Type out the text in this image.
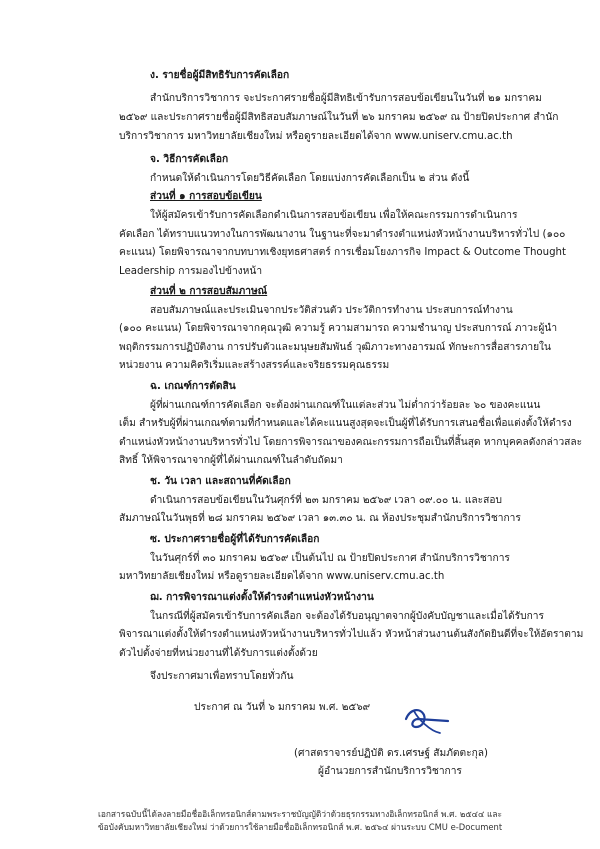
ง. รายชื่อผู้มีสิทธิรับการคัดเลือก
สำนักบริการวิชาการ จะประกาศรายชื่อผู้มีสิทธิเข้ารับการสอบข้อเขียนในวันที่ ๒๑ มกราคม
๒๕๖๙ และประกาศรายชื่อผู้มีสิทธิสอบสัมภาษณ์ในวันที่ ๒๖ มกราคม ๒๕๖๙ ณ ป้ายปิดประกาศ สำนัก
บริการวิชาการ มหาวิทยาลัยเชียงใหม่ หรือดูรายละเอียดได้จาก www.uniserv.cmu.ac.th
จ. วิธีการคัดเลือก
กำหนดให้ดำเนินการโดยวิธีคัดเลือก โดยแบ่งการคัดเลือกเป็น ๒ ส่วน ดังนี้
ส่วนที่ ๑ การสอบข้อเขียน
ให้ผู้สมัครเข้ารับการคัดเลือกดำเนินการสอบข้อเขียน เพื่อให้คณะกรรมการดำเนินการ
คัดเลือก ได้ทราบแนวทางในการพัฒนางาน ในฐานะที่จะมาดำรงตำแหน่งหัวหน้างานบริหารทั่วไป (๑๐๐
คะแนน) โดยพิจารณาจากบทบาทเชิงยุทธศาสตร์ การเชื่อมโยงภารกิจ Impact & Outcome Thought
Leadership การมองไปข้างหน้า
ส่วนที่ ๒ การสอบสัมภาษณ์
สอบสัมภาษณ์และประเมินจากประวัติส่วนตัว ประวัติการทำงาน ประสบการณ์ทำงาน
(๑๐๐ คะแนน) โดยพิจารณาจากคุณวุฒิ ความรู้ ความสามารถ ความชำนาญ ประสบการณ์ ภาวะผู้นำ
พฤติกรรมการปฏิบัติงาน การปรับตัวและมนุษยสัมพันธ์ วุฒิภาวะทางอารมณ์ ทักษะการสื่อสารภายใน
หน่วยงาน ความคิดริเริ่มและสร้างสรรค์และจริยธรรมคุณธรรม
ฉ. เกณฑ์การตัดสิน
ผู้ที่ผ่านเกณฑ์การคัดเลือก จะต้องผ่านเกณฑ์ในแต่ละส่วน ไม่ต่ำกว่าร้อยละ ๖๐ ของคะแนน
เต็ม สำหรับผู้ที่ผ่านเกณฑ์ตามที่กำหนดและได้คะแนนสูงสุดจะเป็นผู้ที่ได้รับการเสนอชื่อเพื่อแต่งตั้งให้ดำรง
ตำแหน่งหัวหน้างานบริหารทั่วไป โดยการพิจารณาของคณะกรรมการถือเป็นที่สิ้นสุด หากบุคคลดังกล่าวสละ
สิทธิ์ ให้พิจารณาจากผู้ที่ได้ผ่านเกณฑ์ในลำดับถัดมา
ช. วัน เวลา และสถานที่คัดเลือก
ดำเนินการสอบข้อเขียนในวันศุกร์ที่ ๒๓ มกราคม ๒๕๖๙ เวลา ๐๙.๐๐ น. และสอบ
สัมภาษณ์ในวันพุธที่ ๒๘ มกราคม ๒๕๖๙ เวลา ๑๓.๓๐ น. ณ ห้องประชุมสำนักบริการวิชาการ
ซ. ประกาศรายชื่อผู้ที่ได้รับการคัดเลือก
ในวันศุกร์ที่ ๓๐ มกราคม ๒๕๖๙ เป็นต้นไป ณ ป้ายปิดประกาศ สำนักบริการวิชาการ
มหาวิทยาลัยเชียงใหม่ หรือดูรายละเอียดได้จาก www.uniserv.cmu.ac.th
ฌ. การพิจารณาแต่งตั้งให้ดำรงตำแหน่งหัวหน้างาน
ในกรณีที่ผู้สมัครเข้ารับการคัดเลือก จะต้องได้รับอนุญาตจากผู้บังคับบัญชาและเมื่อได้รับการ
พิจารณาแต่งตั้งให้ดำรงตำแหน่งหัวหน้างานบริหารทั่วไปแล้ว หัวหน้าส่วนงานต้นสังกัดยินดีที่จะให้อัตราตาม
ตัวไปตั้งจ่ายที่หน่วยงานที่ได้รับการแต่งตั้งด้วย
จึงประกาศมาเพื่อทราบโดยทั่วกัน
ประกาศ ณ วันที่ ๖ มกราคม พ.ศ. ๒๕๖๙
(ศาสตราจารย์ปฏิบัติ ดร.เศรษฐ์ สัมภัตตะกุล)
ผู้อำนวยการสำนักบริการวิชาการ
เอกสารฉบับนี้ได้ลงลายมือชื่ออิเล็กทรอนิกส์ตามพระราชบัญญัติว่าด้วยธุรกรรมทางอิเล็กทรอนิกส์ พ.ศ. ๒๕๔๔ และ
ข้อบังคับมหาวิทยาลัยเชียงใหม่ ว่าด้วยการใช้ลายมือชื่ออิเล็กทรอนิกส์ พ.ศ. ๒๕๖๔ ผ่านระบบ CMU e-Document
